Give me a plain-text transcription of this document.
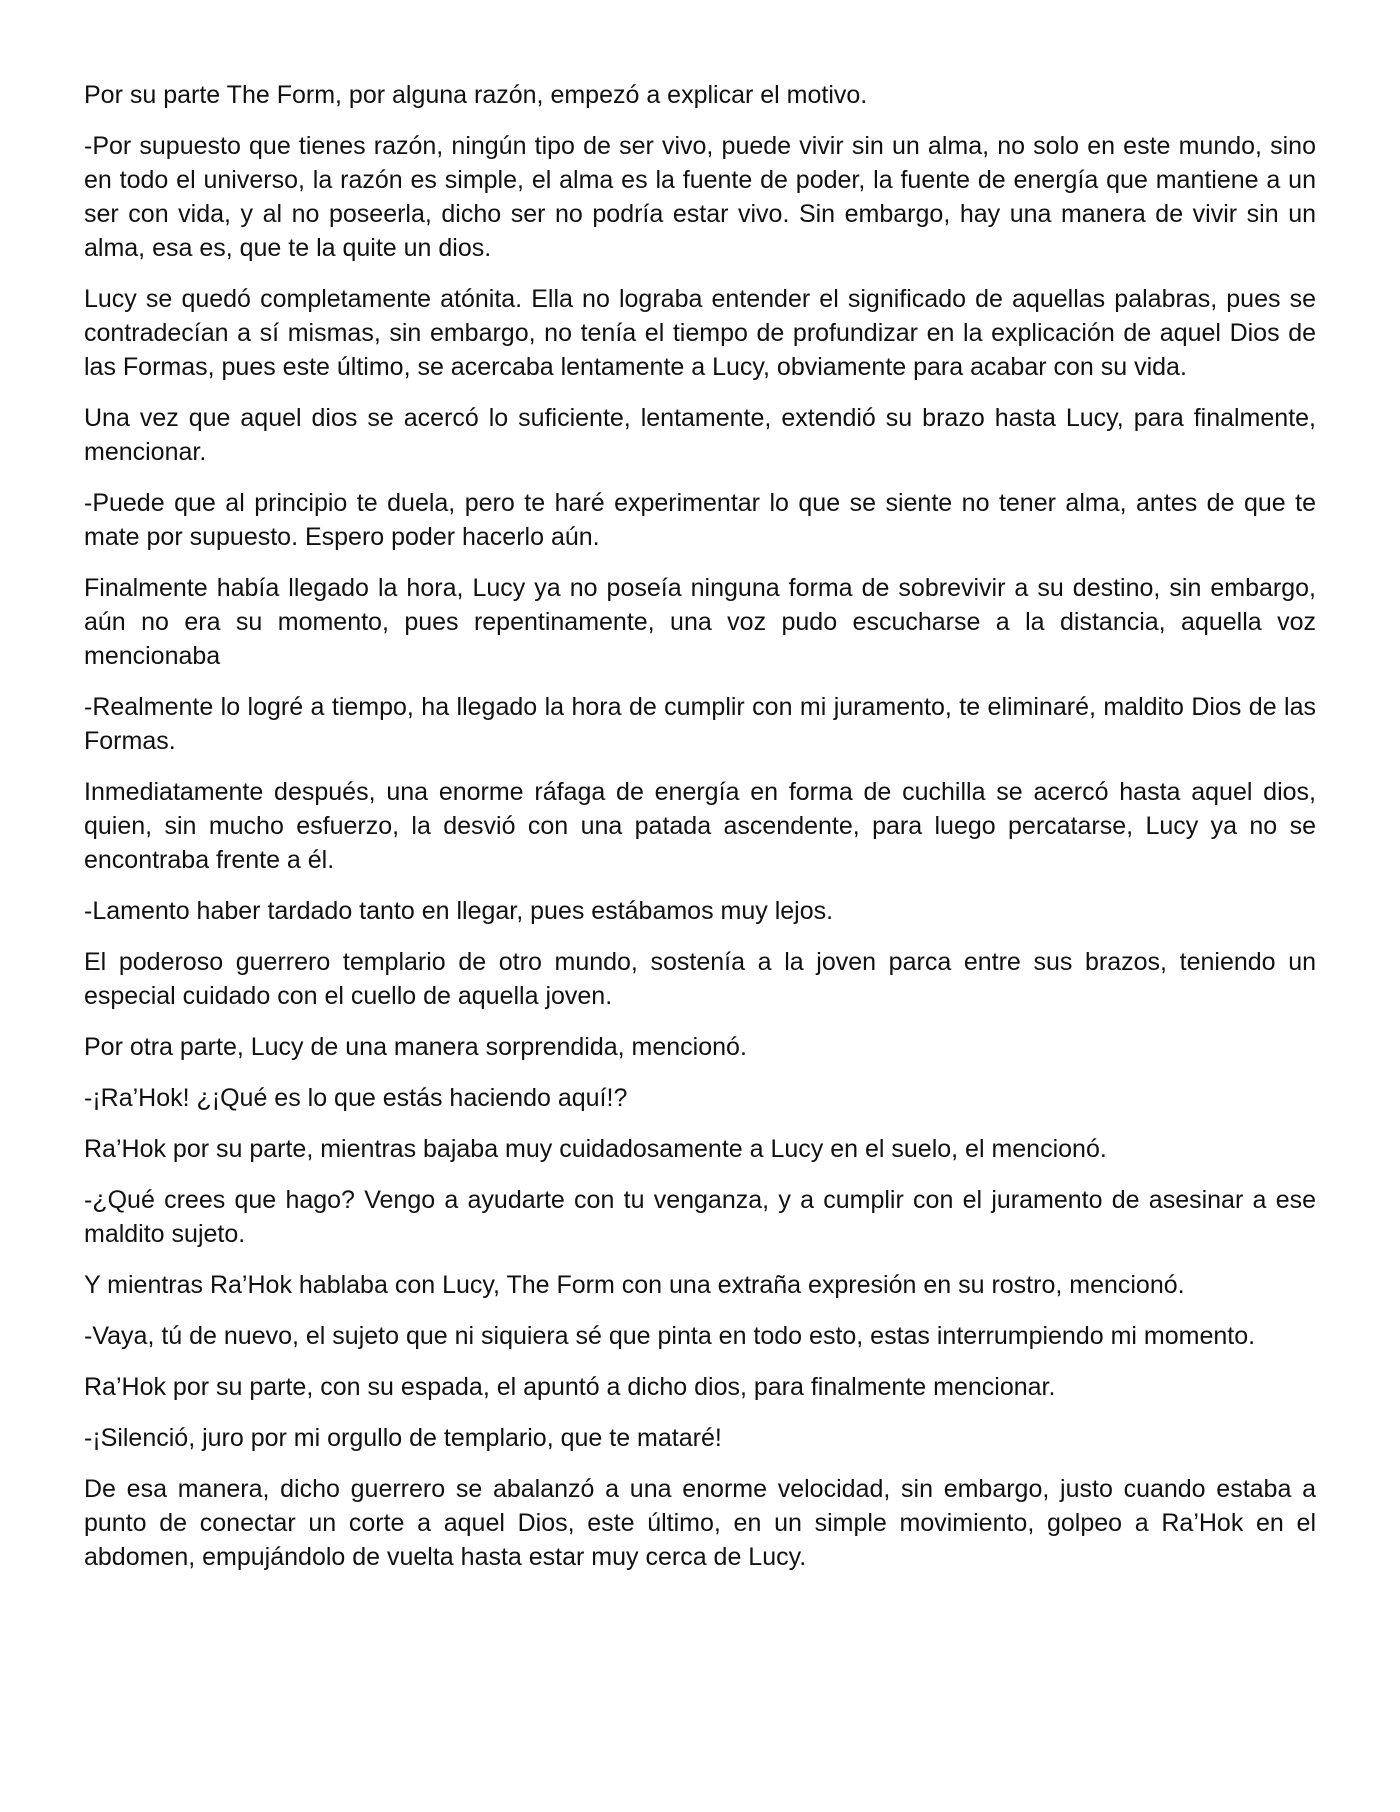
Por su parte The Form, por alguna razón, empezó a explicar el motivo.

-Por supuesto que tienes razón, ningún tipo de ser vivo, puede vivir sin un alma, no solo en este mundo, sino en todo el universo, la razón es simple, el alma es la fuente de poder, la fuente de energía que mantiene a un ser con vida, y al no poseerla, dicho ser no podría estar vivo. Sin embargo, hay una manera de vivir sin un alma, esa es, que te la quite un dios.

Lucy se quedó completamente atónita. Ella no lograba entender el significado de aquellas palabras, pues se contradecían a sí mismas, sin embargo, no tenía el tiempo de profundizar en la explicación de aquel Dios de las Formas, pues este último, se acercaba lentamente a Lucy, obviamente para acabar con su vida.

Una vez que aquel dios se acercó lo suficiente, lentamente, extendió su brazo hasta Lucy, para finalmente, mencionar.

-Puede que al principio te duela, pero te haré experimentar lo que se siente no tener alma, antes de que te mate por supuesto. Espero poder hacerlo aún.

Finalmente había llegado la hora, Lucy ya no poseía ninguna forma de sobrevivir a su destino, sin embargo, aún no era su momento, pues repentinamente, una voz pudo escucharse a la distancia, aquella voz mencionaba

-Realmente lo logré a tiempo, ha llegado la hora de cumplir con mi juramento, te eliminaré, maldito Dios de las Formas.

Inmediatamente después, una enorme ráfaga de energía en forma de cuchilla se acercó hasta aquel dios, quien, sin mucho esfuerzo, la desvió con una patada ascendente, para luego percatarse, Lucy ya no se encontraba frente a él.

-Lamento haber tardado tanto en llegar, pues estábamos muy lejos.

El poderoso guerrero templario de otro mundo, sostenía a la joven parca entre sus brazos, teniendo un especial cuidado con el cuello de aquella joven.

Por otra parte, Lucy de una manera sorprendida, mencionó.

-¡Ra’Hok! ¿¡Qué es lo que estás haciendo aquí!?

Ra’Hok por su parte, mientras bajaba muy cuidadosamente a Lucy en el suelo, el mencionó.

-¿Qué crees que hago? Vengo a ayudarte con tu venganza, y a cumplir con el juramento de asesinar a ese maldito sujeto.

Y mientras Ra’Hok hablaba con Lucy, The Form con una extraña expresión en su rostro, mencionó.

-Vaya, tú de nuevo, el sujeto que ni siquiera sé que pinta en todo esto, estas interrumpiendo mi momento.

Ra’Hok por su parte, con su espada, el apuntó a dicho dios, para finalmente mencionar.

-¡Silenció, juro por mi orgullo de templario, que te mataré!

De esa manera, dicho guerrero se abalanzó a una enorme velocidad, sin embargo, justo cuando estaba a punto de conectar un corte a aquel Dios, este último, en un simple movimiento, golpeo a Ra’Hok en el abdomen, empujándolo de vuelta hasta estar muy cerca de Lucy.
